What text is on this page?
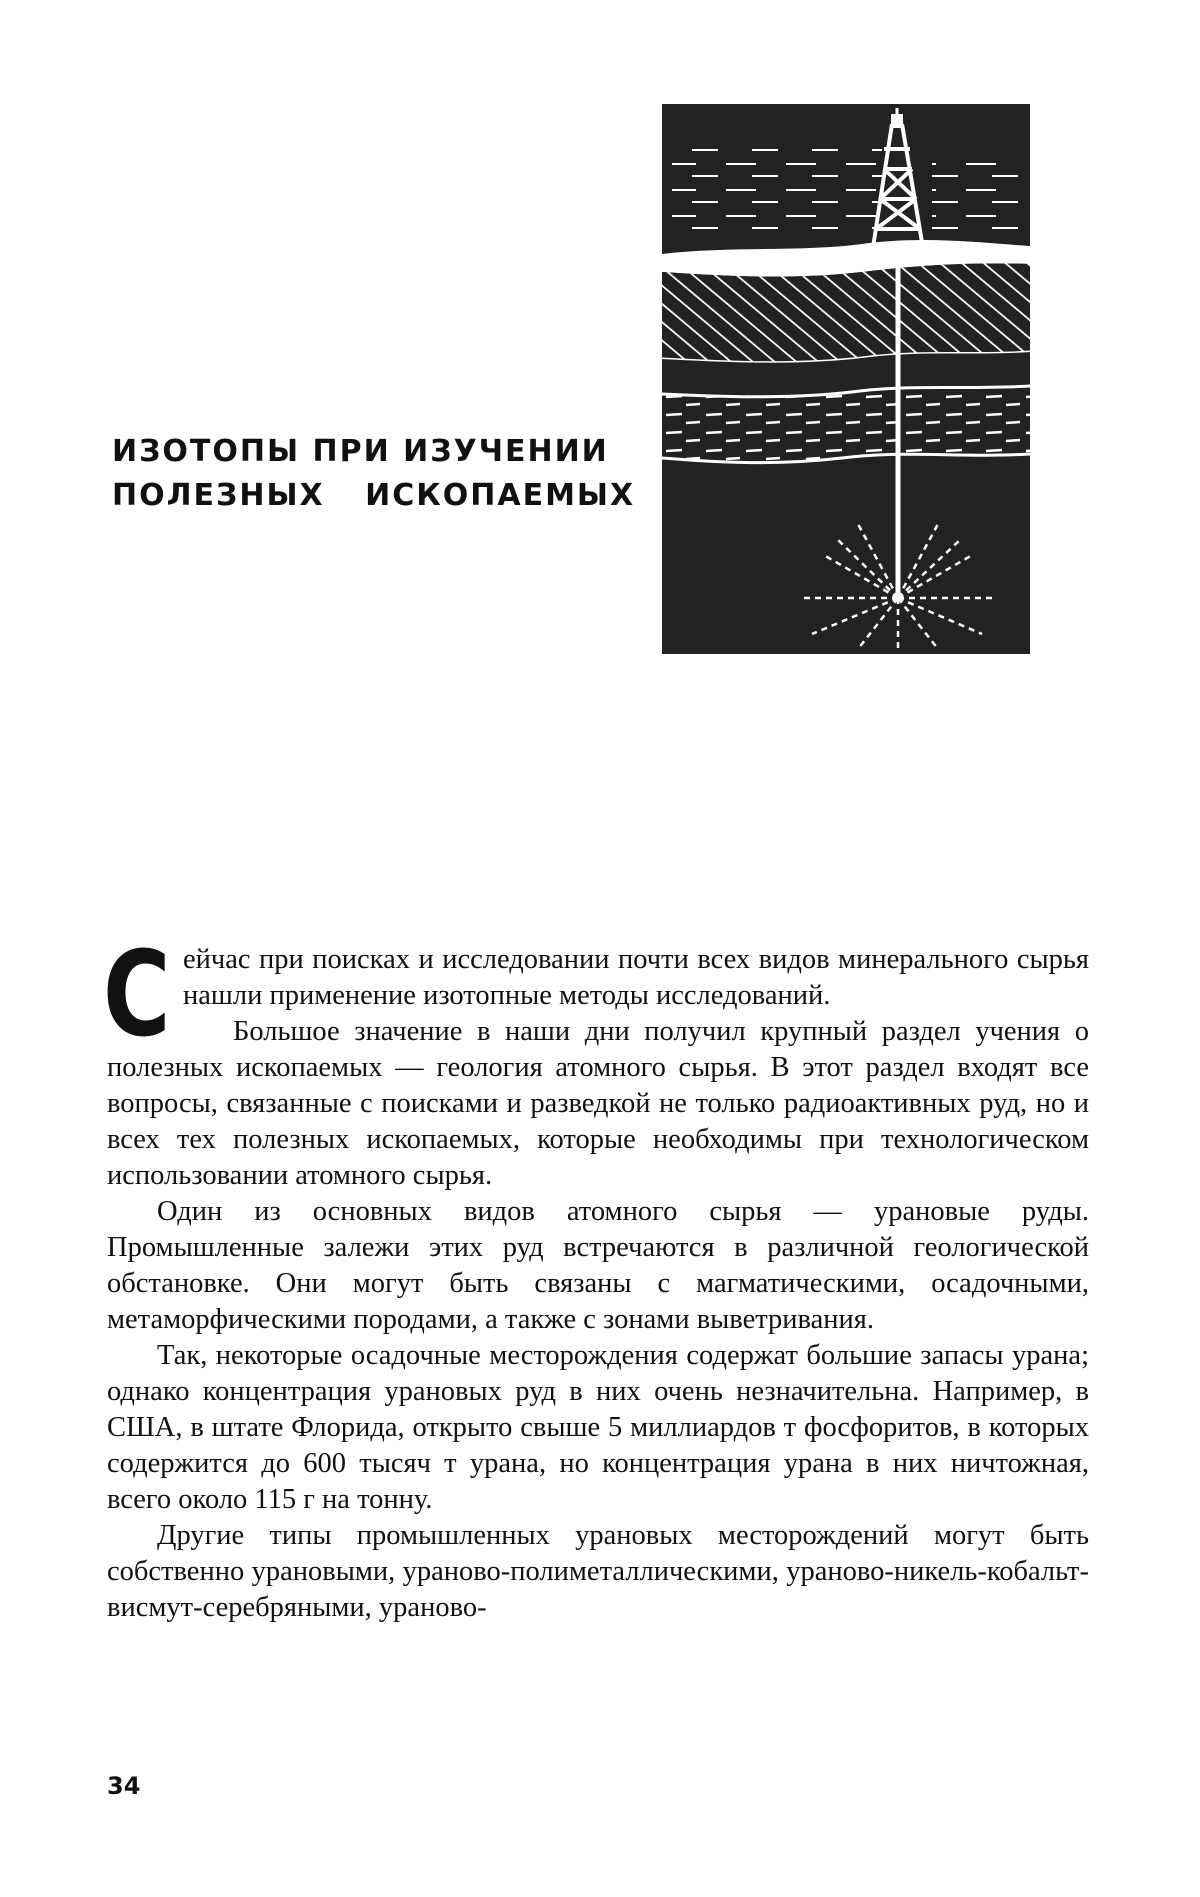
ИЗОТОПЫ ПРИ ИЗУЧЕНИИ
ПОЛЕЗНЫХ ИСКОПАЕМЫХ

Сейчас при поисках и исследовании почти всех видов минерального сырья нашли применение изотопные методы исследований.

Большое значение в наши дни получил крупный раздел учения о полезных ископаемых — геология атомного сырья. В этот раздел входят все вопросы, связанные с поисками и разведкой не только радиоактивных руд, но и всех тех полезных ископаемых, которые необходимы при технологическом использовании атомного сырья.

Один из основных видов атомного сырья — урановые руды. Промышленные залежи этих руд встречаются в различной геологической обстановке. Они могут быть связаны с магматическими, осадочными, метаморфическими породами, а также с зонами выветривания.

Так, некоторые осадочные месторождения содержат большие запасы урана; однако концентрация урановых руд в них очень незначительна. Например, в США, в штате Флорида, открыто свыше 5 миллиардов т фосфоритов, в которых содержится до 600 тысяч т урана, но концентрация урана в них ничтожная, всего около 115 г на тонну.

Другие типы промышленных урановых месторождений могут быть собственно урановыми, ураново-полиметаллическими, ураново-никель-кобальт-висмут-серебряными, ураново-

34
